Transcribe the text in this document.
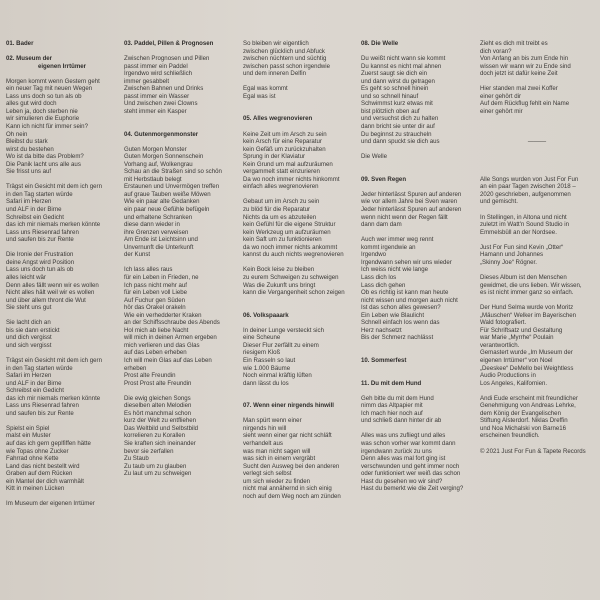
01. Bader

02. Museum der

eigenen Irrtümer

Morgen kommt wenn Gestern geht

ein neuer Tag mit neuen Wegen

Lass uns doch so tun als ob

alles gut wird doch

Leben ja, doch sterben nie

wir simulieren die Euphorie

Kann ich nicht für immer sein?

Oh nein

Bleibst du stark

wirst du bestehen

Wo ist da bitte das Problem?

Die Panik lacht uns alle aus

Sie frisst uns auf

Trägst ein Gesicht mit dem ich gern

in den Tag starten würde

Safari im Herzen

und ALF in der Birne

Schreibst ein Gedicht

das ich mir niemals merken könnte

Lass uns Riesenrad fahren

und saufen bis zur Rente

Die Ironie der Frustration

deine Angst wird Position

Lass uns doch tun als ob

alles leicht wär

Denn alles fällt wenn wir es wollen

Nicht alles hält weil wir es wollen

und über allem thront die Wut

Sie steht uns gut

Sie lacht dich an

bis sie dann erstickt

und dich vergisst

und sich vergisst

Trägst ein Gesicht mit dem ich gern

in den Tag starten würde

Safari im Herzen

und ALF in der Birne

Schreibst ein Gedicht

das ich mir niemals merken könnte

Lass uns Riesenrad fahren

und saufen bis zur Rente

Spielst ein Spiel

malst ein Muster

auf das ich gern geplfiffen hätte

wie Topas ohne Zucker

Fahrrad ohne Kette

Land das nicht bestellt wird

Graben auf dem Rücken

ein Mantel der dich warmhält

Kitt in meinen Lücken

Im Museum der eigenen Irrtümer

03. Paddel, Pillen & Prognosen

Zwischen Prognosen und Pillen

passt immer ein Paddel

Irgendwo wird schließlich

immer gesabbelt

Zwischen Bahnen und Drinks

passt immer ein Wasser

Und zwischen zwei Clowns

steht immer ein Kasper

04. Gutenmorgenmonster

Guten Morgen Monster

Guten Morgen Sonnenschein

Vorhang auf, Wolkengrau

Schau an die Straßen sind so schön

mit Herbstlaub belegt

Erstaunen und Unvermögen treffen

auf graue Tauben weiße Möwen

Wie ein paar alte Gedanken

ein paar neue Gefühle befügeln

und erhaltene Schranken

diese dann wieder in

ihre Grenzen verweisen

Am Ende ist Leichtsinn und

Unvernunft die Unterkunft

der Kunst

Ich lass alles raus

für ein Leben in Frieden, ne

Ich pass nicht mehr auf

für ein Leben voll Liebe

Auf Fuchur gen Süden

hör das Orakel orakeln

Wie ein verhedderter Kraken

an der Schiffsschraube des Abends

Hol mich ab liebe Nacht

will mich in deinen Armen ergeben

mich verlieren und das Glas

auf das Leben erheben

Ich will mein Glas auf das Leben

erheben

Prost alte Freundin

Prost Prost alte Freundin

Die ewig gleichen Songs

dieselben alten Melodien

Es hört manchmal schon

kurz der Welt zu entfliehen

Das Weltbild und Selbstbild

korrelieren zu Korallen

Sie kraften sich ineinander

bevor sie zerfallen

Zu Staub

Zu taub um zu glauben

Zu laut um zu schweigen

So bleiben wir eigentlich

zwischen glücklich und Abfuck

zwischen nüchtern und süchtig

zwischen passt schon irgendwie

und dem inneren Delfin

Egal was kommt

Egal was ist

05. Alles wegrenovieren

Keine Zeit um im Arsch zu sein

kein Arsch für eine Reparatur

kein Gefäß um zurückzuhalten

Sprung in der Klaviatur

Kein Grund um mal aufzuräumen

vergammelt statt einzurieren

Da wo noch immer nichts hinkommt

einfach alles wegrenovieren

Gebaut um im Arsch zu sein

zu blöd für die Reparatur

Nichts da um es abzuteilen

kein Gefühl für die eigene Struktur

kein Werkzeug um aufzuräumen

kein Saft um zu funktionieren

da wo noch immer nichts ankommt

kannst du auch nichts wegrenovieren

Kein Bock leise zu bleiben

zu eurem Schweigen zu schweigen

Was die Zukunft uns bringt

kann die Vergangenheit schon zeigen

06. Volkspaaark

In deiner Lunge versteckt sich

eine Scheune

Dieser Flur zerfällt zu einem

riesigem Kloß

Ein Rasseln so laut

wie 1.000 Bäume

Noch einmal kräftig lüften

dann lässt du los

07. Wenn einer nirgends hinwill

Man spürt wenn einer

nirgends hin will

sieht wenn einer gar nicht schläft

verhandelt aus

was man nicht sagen will

was sich in einem vergräbt

Sucht den Ausweg bei den anderen

verlegt sich selbst

um sich wieder zu finden

nicht mal annähernd in sich einig

noch auf dem Weg noch am zünden

08. Die Welle

Du weißt nicht wann sie kommt

Du kannst es nicht mal ahnen

Zuerst saugt sie dich ein

und dann wirst du getragen

Es geht so schnell hinein

und so schnell hinauf

Schwimmst kurz etwas mit

bist plötzlich oben auf

und versuchst dich zu halten

dann bricht sie unter dir auf

Du beginnst zu straucheln

und dann spuckt sie dich aus

Die Welle

09. Sven Regen

Jeder hinterlässt Spuren auf anderen

wie vor allem Jahre bei Sven waren

Jeder hinterlässt Spuren auf anderen

wenn nicht wenn der Regen fällt

dann dam dam

Auch wer immer weg rennt

kommt irgendwie an

Irgendwo

Irgendwann sehen wir uns wieder

Ich weiss nicht wie lange

Lass dich los

Lass dich gehen

Ob es richtig ist kann man heute

nicht wissen und morgen auch nicht

Ist das schon alles gewesen?

Ein Leben wie Blaulicht

Schnell einfach los wenn das

Herz nachsetzt

Bis der Schmerz nachlässt

10. Sommerfest

11. Du mit dem Hund

Geh bitte du mit dem Hund

nimm das Altpapier mit

Ich mach hier noch auf

und schließ dann hinter dir ab

Alles was uns zufliegt und alles

was schon vorher war kommt dann

irgendwann zurück zu uns

Denn alles was mal fort ging ist

verschwunden und geht immer noch

oder funktioniert wer weiß das schon

Hast du gesehen wo wir sind?

Hast du bemerkt wie die Zeit verging?

Zieht es dich mit treibt es

dich voran?

Von Anfang an bis zum Ende hin

wissen wir wann wir zu Ende sind

doch jetzt ist dafür keine Zeit

Hier standen mal zwei Koffer

einer gehört dir

Auf dem Rückflug fehlt ein Name

einer gehört mir

———

Alle Songs wurden von Just For Fun

an ein paar Tagen zwischen 2018 –

2020 geschrieben, aufgenommen

und gemischt.

In Stellingen, in Altona und nicht

zuletzt im Watt'n Sound Studio in

Emmelsbüll an der Nordsee.

Just For Fun sind Kevin „Otter“

Hamann und Johannes

„Skinny Joe“ Rögner.

Dieses Album ist den Menschen

gewidmet, die uns lieben. Wir wissen,

es ist nicht immer ganz so einfach.

Der Hund Selma wurde von Moritz

„Mäuschen“ Welker im Bayerischen

Wald fotografiert.

Für Schriftsatz und Gestaltung

war Marie „Myrrhe“ Poulain

verantwortlich.

Gemastert wurde „Im Museum der

eigenen Irrtümer“ von Noel

„Deeskee“ DeMello bei Weightless

Audio Productions in

Los Angeles, Kalifornien.

Andi Eude erscheint mit freundlicher

Genehmigung von Andreas Lehrke,

dem König der Evangelischen

Stiftung Alsterdorf. Niklas Dreffin

und Noa Michalski von Barne16

erscheinen freundlich.

© 2021 Just For Fun & Tapete Records
